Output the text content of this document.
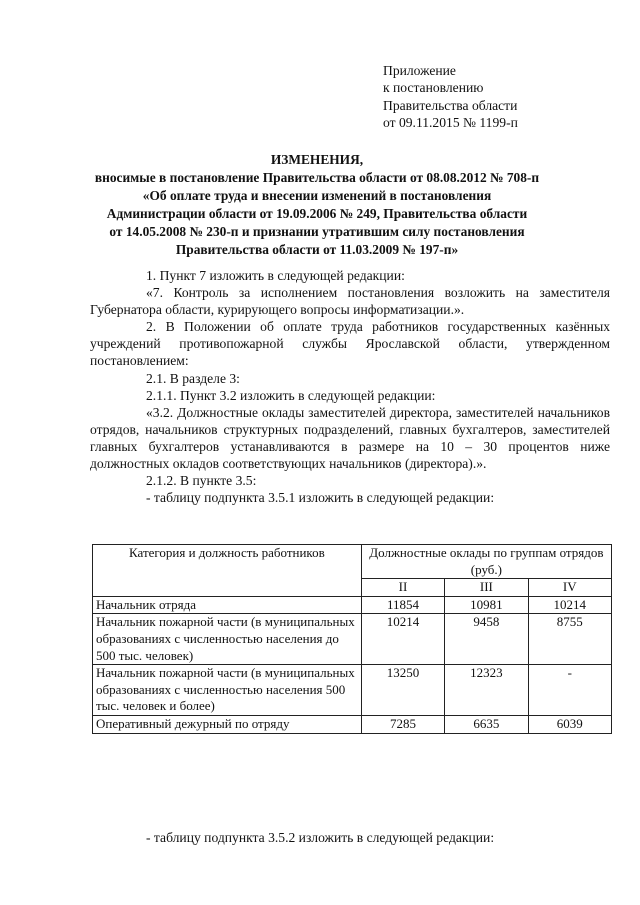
Приложение
к постановлению
Правительства области
от 09.11.2015 № 1199-п
ИЗМЕНЕНИЯ,
вносимые в постановление Правительства области от 08.08.2012 № 708-п
«Об оплате труда и внесении изменений в постановления
Администрации области от 19.09.2006 № 249, Правительства области
от 14.05.2008 № 230-п и признании утратившим силу постановления
Правительства области от 11.03.2009 № 197-п»

1. Пункт 7 изложить в следующей редакции:

«7. Контроль за исполнением постановления возложить на заместителя Губернатора области, курирующего вопросы информатизации.».

2. В Положении об оплате труда работников государственных казённых учреждений противопожарной службы Ярославской области, утвержденном постановлением:

2.1. В разделе 3:

2.1.1. Пункт 3.2 изложить в следующей редакции:

«3.2. Должностные оклады заместителей директора, заместителей начальников отрядов, начальников структурных подразделений, главных бухгалтеров, заместителей главных бухгалтеров устанавливаются в размере на 10 – 30 процентов ниже должностных окладов соответствующих начальников (директора).».

2.1.2. В пункте 3.5:

- таблицу подпункта 3.5.1 изложить в следующей редакции:

Категория и должность работников	Должностные оклады по группам отрядов (руб.)		
	II	III	IV
Начальник отряда	11854	10981	10214
Начальник пожарной части (в муниципальных образованиях с численностью населения до 500 тыс. человек)	10214	9458	8755
Начальник пожарной части (в муниципальных образованиях с численностью населения 500 тыс. человек и более)	13250	12323	-
Оперативный дежурный по отряду	7285	6635	6039
- таблицу подпункта 3.5.2 изложить в следующей редакции:
